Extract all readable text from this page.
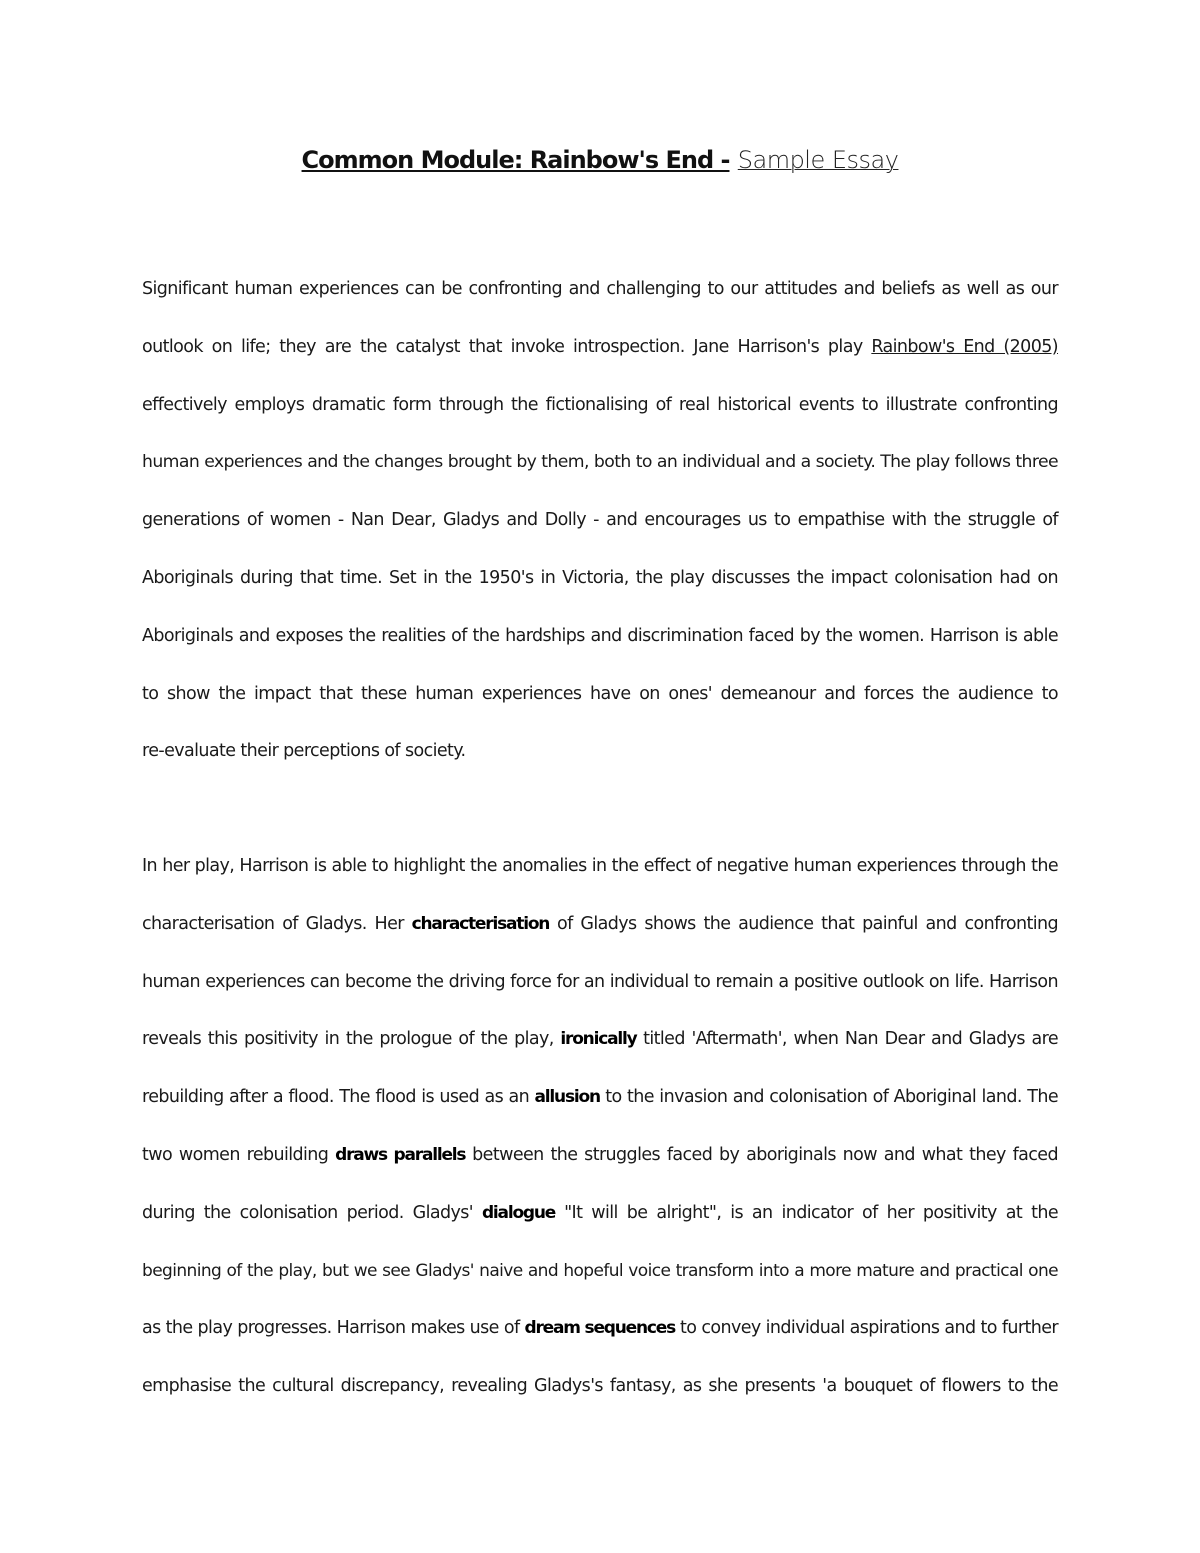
Common Module: Rainbow's End - Sample Essay
Significant human experiences can be confronting and challenging to our attitudes and beliefs as well as our
outlook on life; they are the catalyst that invoke introspection. Jane Harrison's play Rainbow's End (2005)
effectively employs dramatic form through the fictionalising of real historical events to illustrate confronting
human experiences and the changes brought by them, both to an individual and a society. The play follows three
generations of women - Nan Dear, Gladys and Dolly - and encourages us to empathise with the struggle of
Aboriginals during that time. Set in the 1950's in Victoria, the play discusses the impact colonisation had on
Aboriginals and exposes the realities of the hardships and discrimination faced by the women. Harrison is able
to show the impact that these human experiences have on ones' demeanour and forces the audience to
re-evaluate their perceptions of society.
In her play, Harrison is able to highlight the anomalies in the effect of negative human experiences through the
characterisation of Gladys. Her characterisation of Gladys shows the audience that painful and confronting
human experiences can become the driving force for an individual to remain a positive outlook on life. Harrison
reveals this positivity in the prologue of the play, ironically titled 'Aftermath', when Nan Dear and Gladys are
rebuilding after a flood. The flood is used as an allusion to the invasion and colonisation of Aboriginal land. The
two women rebuilding draws parallels between the struggles faced by aboriginals now and what they faced
during the colonisation period. Gladys' dialogue "It will be alright", is an indicator of her positivity at the
beginning of the play, but we see Gladys' naive and hopeful voice transform into a more mature and practical one
as the play progresses. Harrison makes use of dream sequences to convey individual aspirations and to further
emphasise the cultural discrepancy, revealing Gladys's fantasy, as she presents 'a bouquet of flowers to the
